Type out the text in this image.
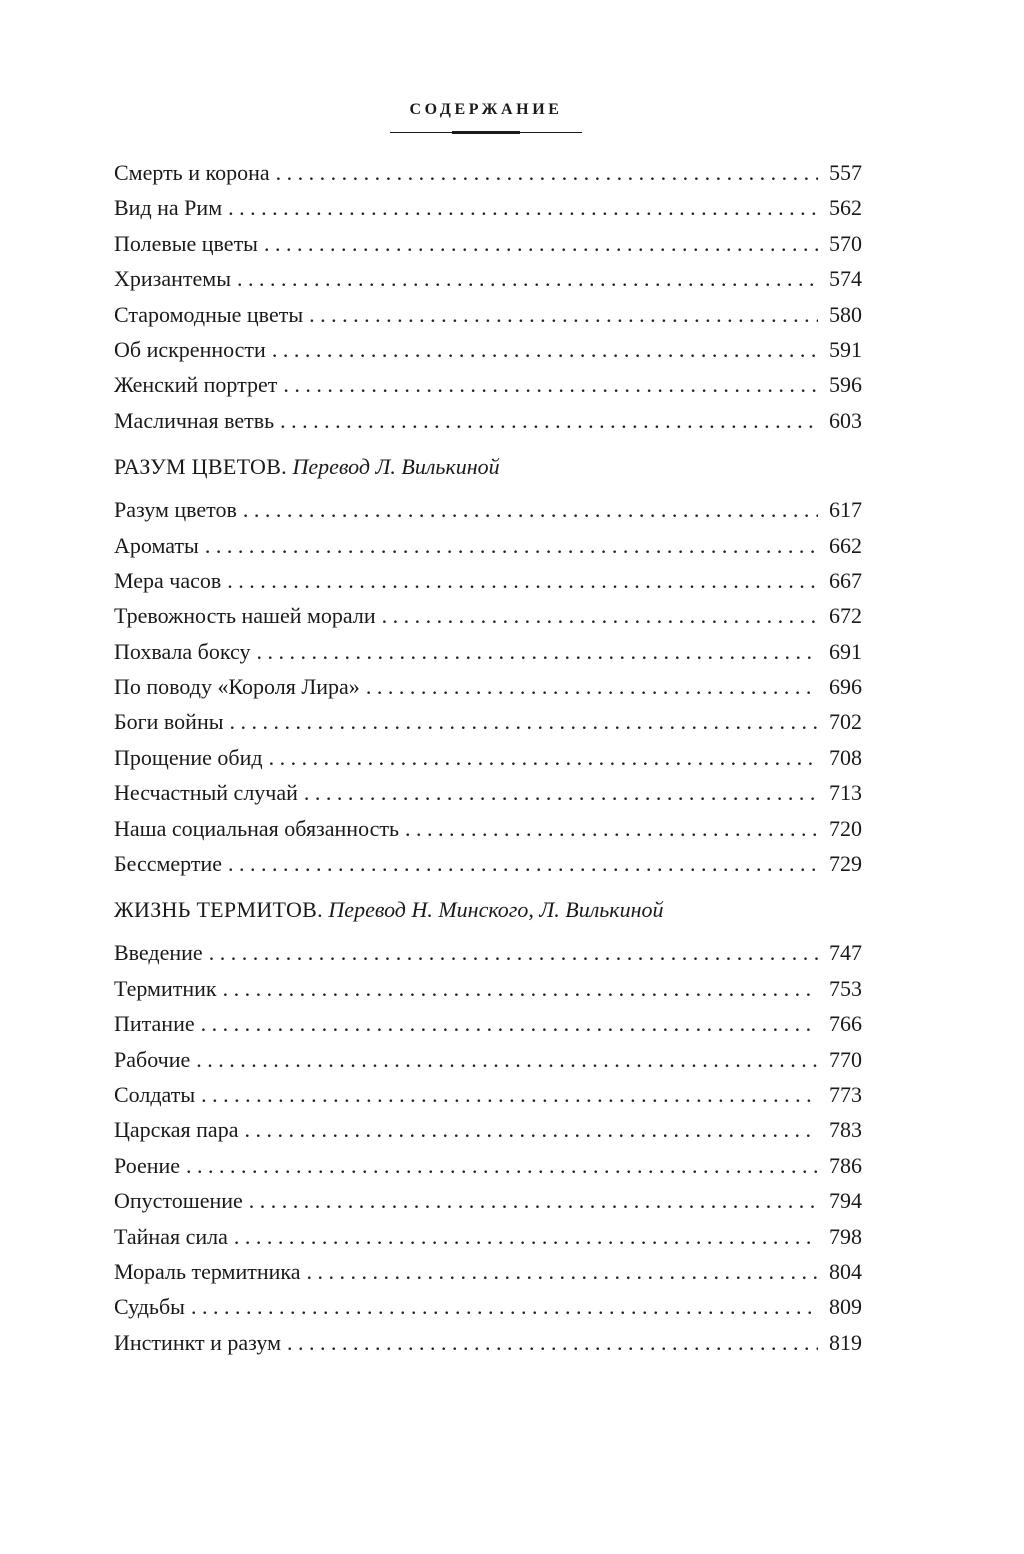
СОДЕРЖАНИЕ
Смерть и корона . . .	557
Вид на Рим . . .	562
Полевые цветы . . .	570
Хризантемы . . .	574
Старомодные цветы . . .	580
Об искренности . . .	591
Женский портрет . . .	596
Масличная ветвь . . .	603
РАЗУМ ЦВЕТОВ. Перевод Л. Вилькиной
Разум цветов . . .	617
Ароматы . . .	662
Мера часов . . .	667
Тревожность нашей морали . . .	672
Похвала боксу . . .	691
По поводу «Короля Лира» . . .	696
Боги войны . . .	702
Прощение обид . . .	708
Несчастный случай . . .	713
Наша социальная обязанность . . .	720
Бессмертие . . .	729
ЖИЗНЬ ТЕРМИТОВ. Перевод Н. Минского, Л. Вилькиной
Введение . . .	747
Термитник . . .	753
Питание . . .	766
Рабочие . . .	770
Солдаты . . .	773
Царская пара . . .	783
Роение . . .	786
Опустошение . . .	794
Тайная сила . . .	798
Мораль термитника . . .	804
Судьбы . . .	809
Инстинкт и разум . . .	819
